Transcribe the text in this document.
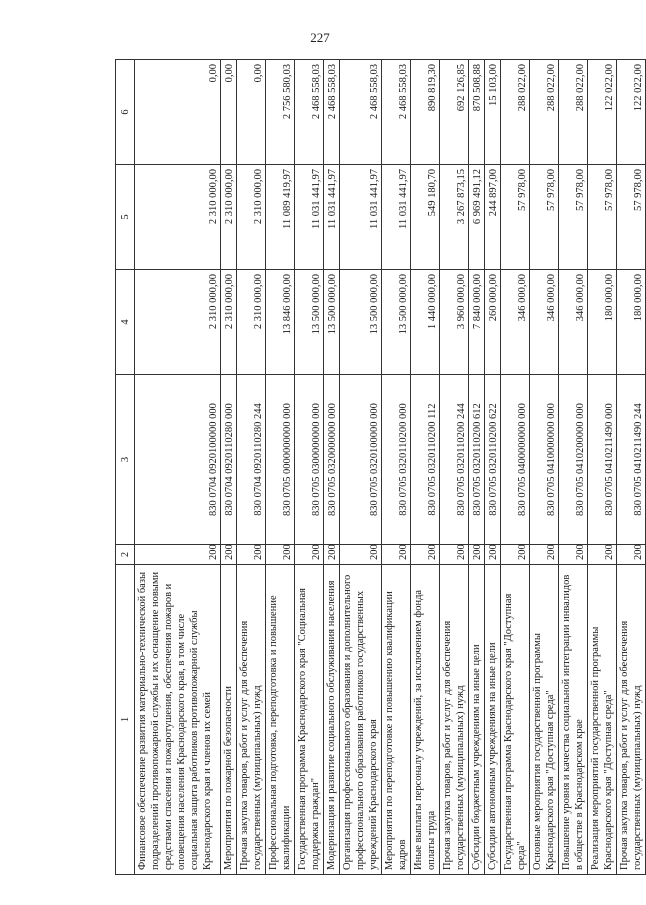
227
1	2	3	4	5	6
Финансовое обеспечение развития материально-технической базы подразделений противопожарной службы и их оснащение новыми средствами спасения и пожаротушения, обеспечения пожаров и оповещения населения Краснодарского края, в том числе социальная защита работников противопожарной службы Краснодарского края и членов их семей	200	830 0704 0920100000 000	2 310 000,00	2 310 000,00	0,00
Мероприятия по пожарной безопасности	200	830 0704 0920110280 000	2 310 000,00	2 310 000,00	0,00
Прочая закупка товаров, работ и услуг для обеспечения государственных (муниципальных) нужд	200	830 0704 0920110280 244	2 310 000,00	2 310 000,00	0,00
Профессиональная подготовка, переподготовка и повышение квалификации	200	830 0705 0000000000 000	13 846 000,00	11 089 419,97	2 756 580,03
Государственная программа Краснодарского края "Социальная поддержка граждан"	200	830 0705 0300000000 000	13 500 000,00	11 031 441,97	2 468 558,03
Модернизация и развитие социального обслуживания населения	200	830 0705 0320000000 000	13 500 000,00	11 031 441,97	2 468 558,03
Организация профессионального образования и дополнительного профессионального образования работников государственных учреждений Краснодарского края	200	830 0705 0320100000 000	13 500 000,00	11 031 441,97	2 468 558,03
Мероприятия по переподготовке и повышению квалификации кадров	200	830 0705 0320110200 000	13 500 000,00	11 031 441,97	2 468 558,03
Иные выплаты персоналу учреждений, за исключением фонда оплаты труда	200	830 0705 0320110200 112	1 440 000,00	549 180,70	890 819,30
Прочая закупка товаров, работ и услуг для обеспечения государственных (муниципальных) нужд	200	830 0705 0320110200 244	3 960 000,00	3 267 873,15	692 126,85
Субсидии бюджетным учреждениям на иные цели	200	830 0705 0320110200 612	7 840 000,00	6 969 491,12	870 508,88
Субсидии автономным учреждениям на иные цели	200	830 0705 0320110200 622	260 000,00	244 897,00	15 103,00
Государственная программа Краснодарского края "Доступная среда"	200	830 0705 0400000000 000	346 000,00	57 978,00	288 022,00
Основные мероприятия государственной программы Краснодарского края "Доступная среда"	200	830 0705 0410000000 000	346 000,00	57 978,00	288 022,00
Повышение уровня и качества социальной интеграции инвалидов в обществе в Краснодарском крае	200	830 0705 0410200000 000	346 000,00	57 978,00	288 022,00
Реализация мероприятий государственной программы Краснодарского края "Доступная среда"	200	830 0705 0410211490 000	180 000,00	57 978,00	122 022,00
Прочая закупка товаров, работ и услуг для обеспечения государственных (муниципальных) нужд	200	830 0705 0410211490 244	180 000,00	57 978,00	122 022,00
